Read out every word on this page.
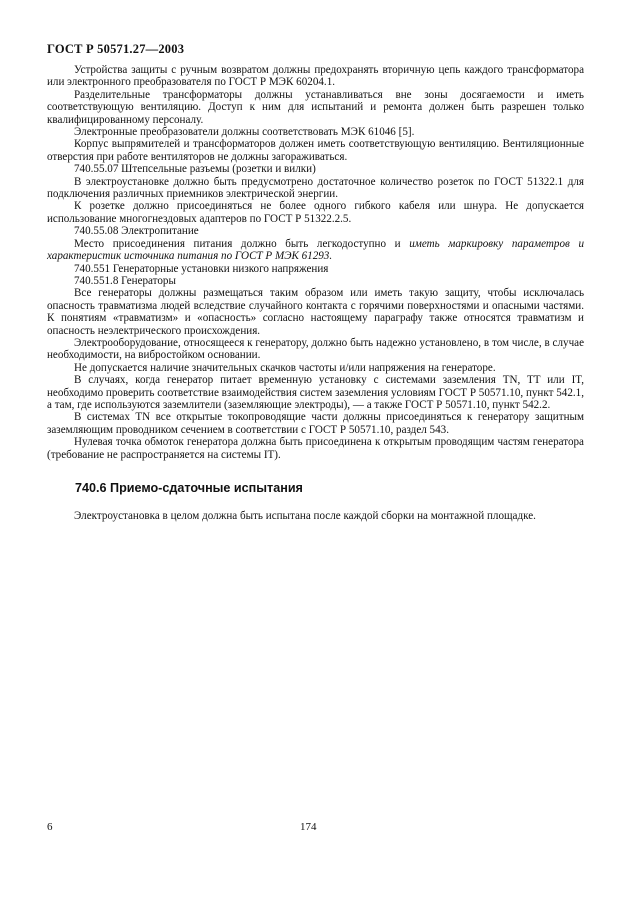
ГОСТ Р 50571.27—2003

Устройства защиты с ручным возвратом должны предохранять вторичную цепь каждого трансформатора или электронного преобразователя по ГОСТ Р МЭК 60204.1.

Разделительные трансформаторы должны устанавливаться вне зоны досягаемости и иметь соответствующую вентиляцию. Доступ к ним для испытаний и ремонта должен быть разрешен только квалифицированному персоналу.

Электронные преобразователи должны соответствовать МЭК 61046 [5].

Корпус выпрямителей и трансформаторов должен иметь соответствующую вентиляцию. Вентиляционные отверстия при работе вентиляторов не должны загораживаться.

740.55.07 Штепсельные разъемы (розетки и вилки)

В электроустановке должно быть предусмотрено достаточное количество розеток по ГОСТ 51322.1 для подключения различных приемников электрической энергии.

К розетке должно присоединяться не более одного гибкого кабеля или шнура. Не допускается использование многогнездовых адаптеров по ГОСТ Р 51322.2.5.

740.55.08 Электропитание

Место присоединения питания должно быть легкодоступно и иметь маркировку параметров и характеристик источника питания по ГОСТ Р МЭК 61293.

740.551 Генераторные установки низкого напряжения

740.551.8 Генераторы

Все генераторы должны размещаться таким образом или иметь такую защиту, чтобы исключалась опасность травматизма людей вследствие случайного контакта с горячими поверхностями и опасными частями. К понятиям «травматизм» и «опасность» согласно настоящему параграфу также относятся травматизм и опасность неэлектрического происхождения.

Электрооборудование, относящееся к генератору, должно быть надежно установлено, в том числе, в случае необходимости, на вибростойком основании.

Не допускается наличие значительных скачков частоты и/или напряжения на генераторе.

В случаях, когда генератор питает временную установку с системами заземления TN, TT или IT, необходимо проверить соответствие взаимодействия систем заземления условиям ГОСТ Р 50571.10, пункт 542.1, а там, где используются заземлители (заземляющие электроды), — а также ГОСТ Р 50571.10, пункт 542.2.

В системах TN все открытые токопроводящие части должны присоединяться к генератору защитным заземляющим проводником сечением в соответствии с ГОСТ Р 50571.10, раздел 543.

Нулевая точка обмоток генератора должна быть присоединена к открытым проводящим частям генератора (требование не распространяется на системы IT).

740.6 Приемо-сдаточные испытания

Электроустановка в целом должна быть испытана после каждой сборки на монтажной площадке.

6	174
